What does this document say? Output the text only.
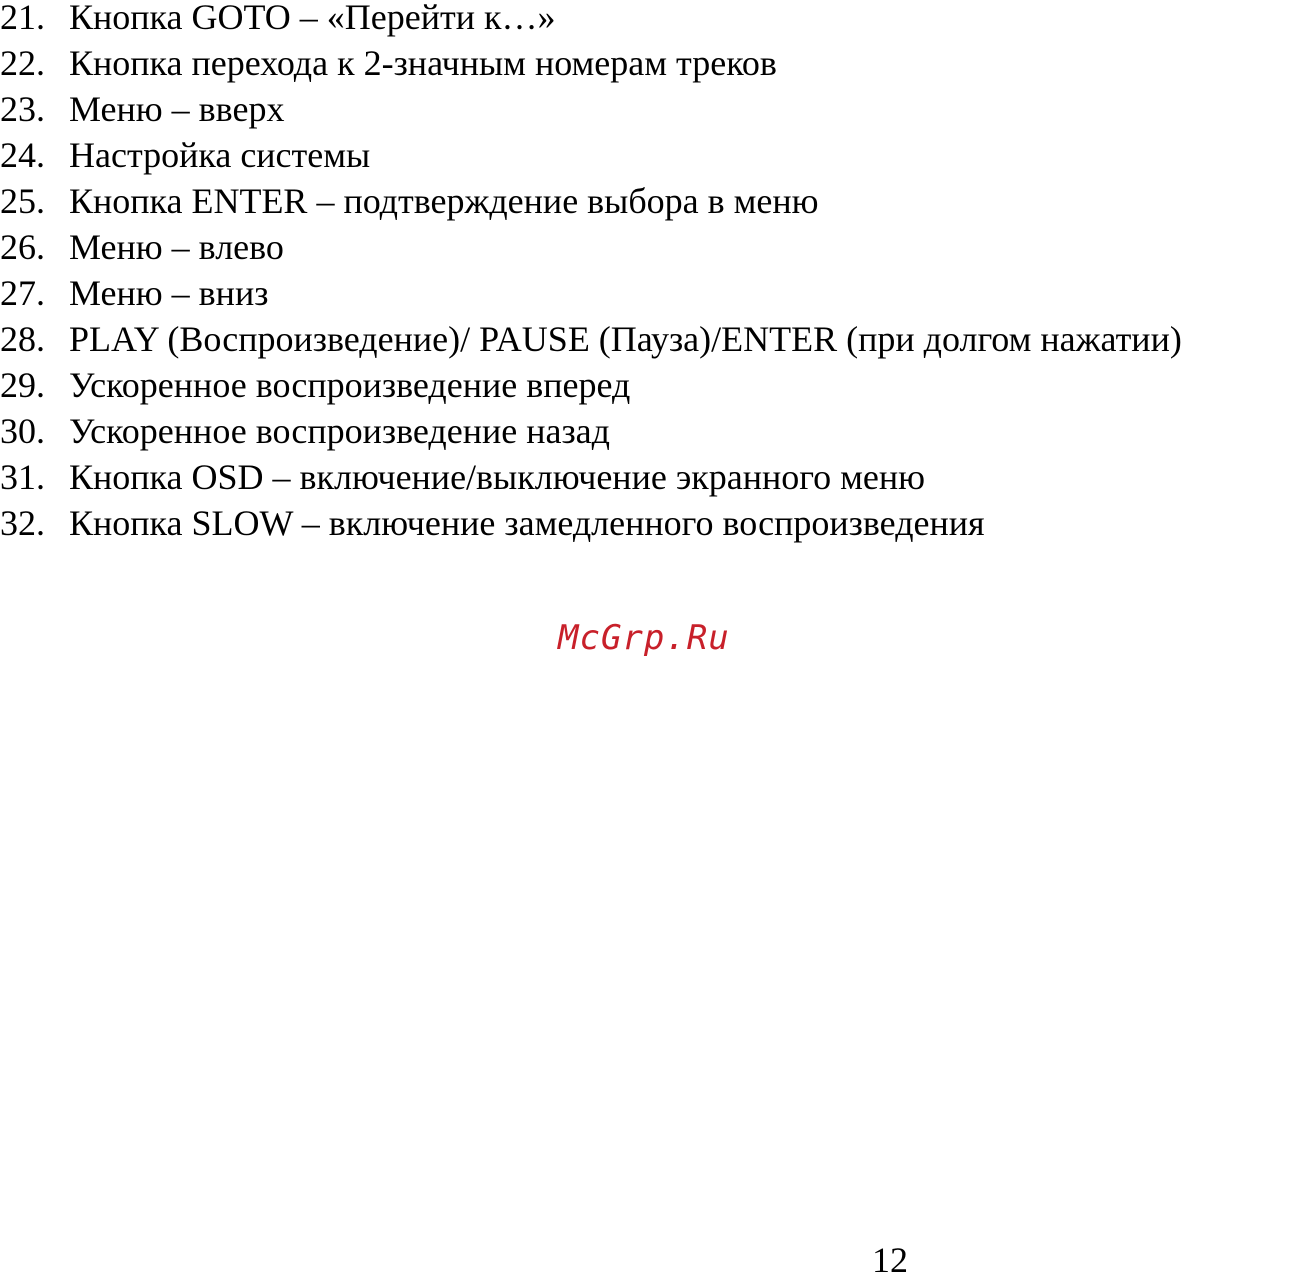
21. Кнопка GOTO – «Перейти к…»
22. Кнопка перехода к 2-значным номерам треков
23. Меню – вверх
24. Настройка системы
25. Кнопка ENTER – подтверждение выбора в меню
26. Меню – влево
27. Меню – вниз
28. PLAY (Воспроизведение)/ PAUSE (Пауза)/ENTER (при долгом нажатии)
29. Ускоренное воспроизведение вперед
30. Ускоренное воспроизведение назад
31. Кнопка OSD – включение/выключение экранного меню
32. Кнопка SLOW – включение замедленного воспроизведения
McGrp.Ru
12
